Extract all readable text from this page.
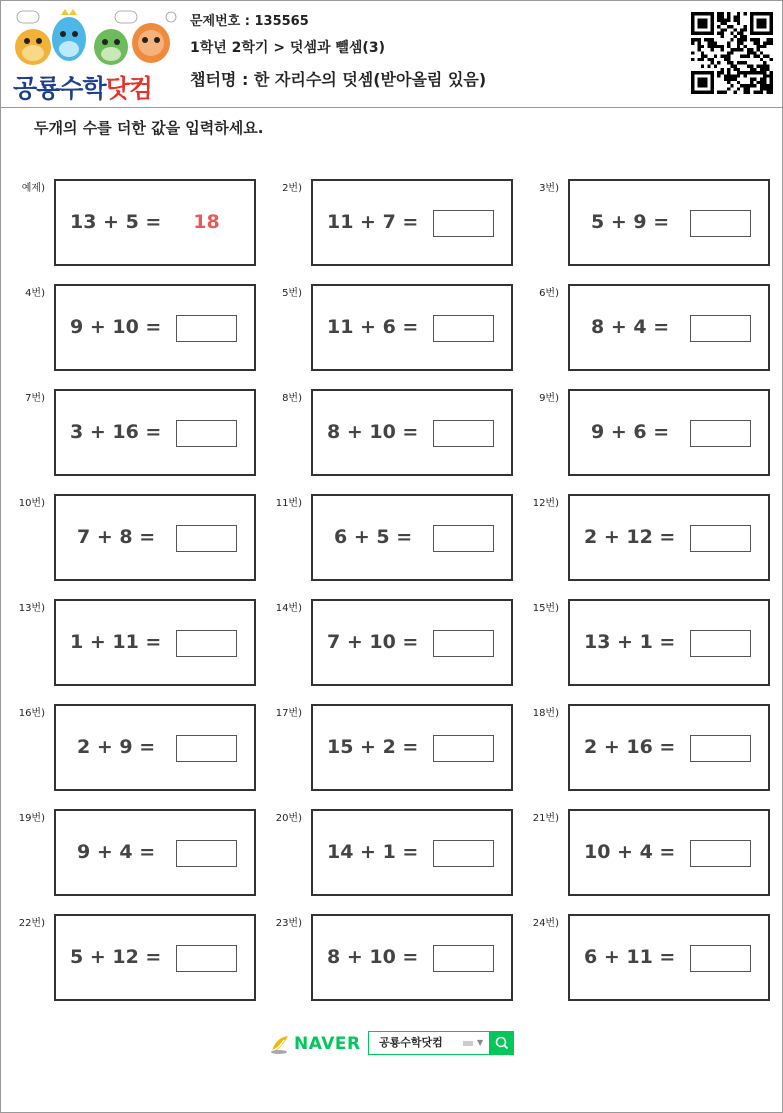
공룡수학닷컴
문제번호 : 135565
1학년 2학기 > 덧셈과 뺄셈(3)
챕터명 : 한 자리수의 덧셈(받아올림 있음)
두개의 수를 더한 값을 입력하세요.
예제)
13 + 5 =	18
2번)
11 + 7 =
3번)
5 + 9 =
4번)
9 + 10 =
5번)
11 + 6 =
6번)
8 + 4 =
7번)
3 + 16 =
8번)
8 + 10 =
9번)
9 + 6 =
10번)
7 + 8 =
11번)
6 + 5 =
12번)
2 + 12 =
13번)
1 + 11 =
14번)
7 + 10 =
15번)
13 + 1 =
16번)
2 + 9 =
17번)
15 + 2 =
18번)
2 + 16 =
19번)
9 + 4 =
20번)
14 + 1 =
21번)
10 + 4 =
22번)
5 + 12 =
23번)
8 + 10 =
24번)
6 + 11 =
NAVER 공룡수학닷컴	▼
